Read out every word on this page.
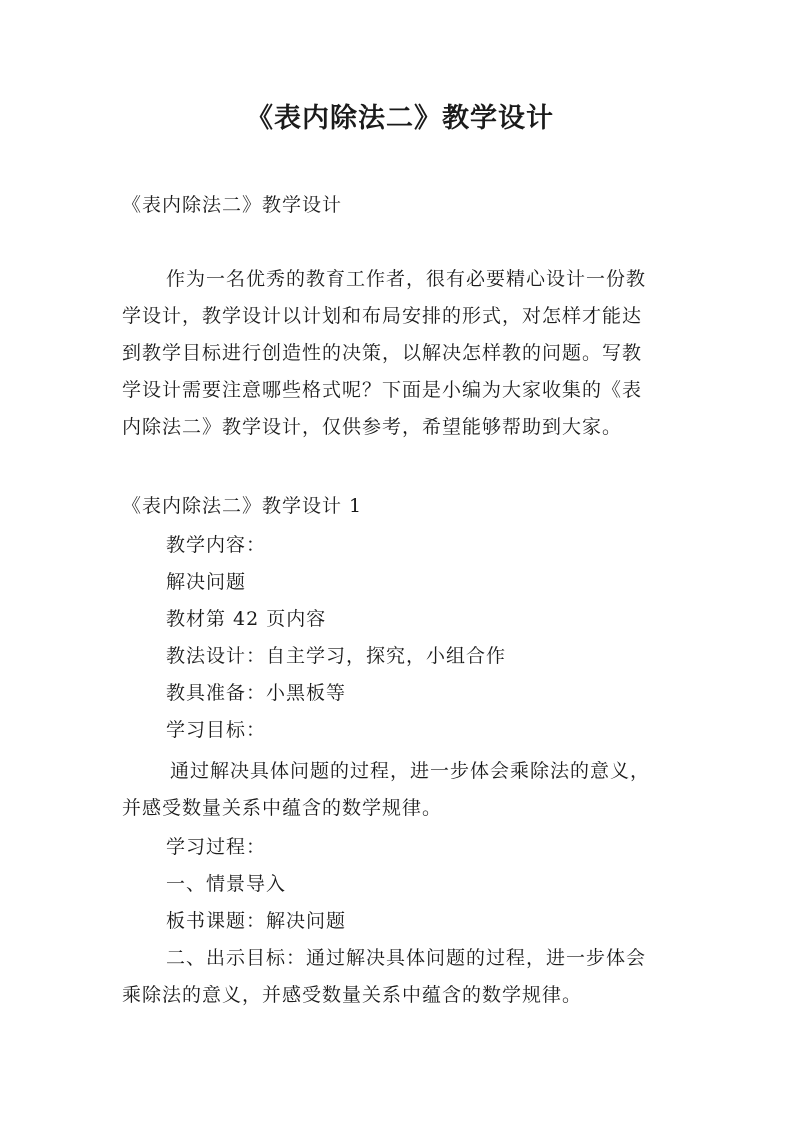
《表内除法二》教学设计

《表内除法二》教学设计

作为一名优秀的教育工作者，很有必要精心设计一份教

学设计，教学设计以计划和布局安排的形式，对怎样才能达

到教学目标进行创造性的决策，以解决怎样教的问题。写教

学设计需要注意哪些格式呢？下面是小编为大家收集的《表

内除法二》教学设计，仅供参考，希望能够帮助到大家。

《表内除法二》教学设计 1

教学内容：

解决问题

教材第 42 页内容

教法设计：自主学习，探究，小组合作

教具准备：小黑板等

学习目标：

通过解决具体问题的过程，进一步体会乘除法的意义，

并感受数量关系中蕴含的数学规律。

学习过程：

一、情景导入

板书课题：解决问题

二、出示目标：通过解决具体问题的过程，进一步体会

乘除法的意义，并感受数量关系中蕴含的数学规律。
